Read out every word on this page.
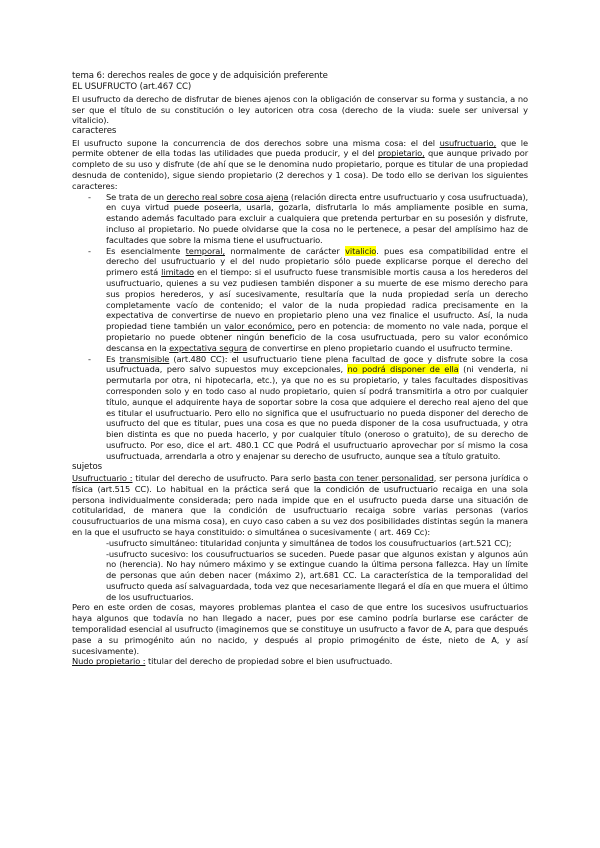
tema 6: derechos reales de goce y de adquisición preferente

EL USUFRUCTO (art.467 CC)

El usufructo da derecho de disfrutar de bienes ajenos con la obligación de conservar su forma y sustancia, a no ser que el título de su constitución o ley autoricen otra cosa (derecho de la viuda: suele ser universal y vitalicio).

caracteres

El usufructo supone la concurrencia de dos derechos sobre una misma cosa: el del usufructuario, que le permite obtener de ella todas las utilidades que pueda producir, y el del propietario, que aunque privado por completo de su uso y disfrute (de ahí que se le denomina nudo propietario, porque es titular de una propiedad desnuda de contenido), sigue siendo propietario (2 derechos y 1 cosa). De todo ello se derivan los siguientes caracteres:

- Se trata de un derecho real sobre cosa ajena (relación directa entre usufructuario y cosa usufructuada), en cuya virtud puede poseerla, usarla, gozarla, disfrutarla lo más ampliamente posible en suma, estando además facultado para excluir a cualquiera que pretenda perturbar en su posesión y disfrute, incluso al propietario. No puede olvidarse que la cosa no le pertenece, a pesar del amplísimo haz de facultades que sobre la misma tiene el usufructuario.
- Es esencialmente temporal, normalmente de carácter vitalicio. pues esa compatibilidad entre el derecho del usufructuario y el del nudo propietario sólo puede explicarse porque el derecho del primero está limitado en el tiempo: si el usufructo fuese transmisible mortis causa a los herederos del usufructuario, quienes a su vez pudiesen también disponer a su muerte de ese mismo derecho para sus propios herederos, y así sucesivamente, resultaría que la nuda propiedad sería un derecho completamente vacío de contenido; el valor de la nuda propiedad radica precisamente en la expectativa de convertirse de nuevo en propietario pleno una vez finalice el usufructo. Así, la nuda propiedad tiene también un valor económico, pero en potencia: de momento no vale nada, porque el propietario no puede obtener ningún beneficio de la cosa usufructuada, pero su valor económico descansa en la expectativa segura de convertirse en pleno propietario cuando el usufructo termine.
- Es transmisible (art.480 CC): el usufructuario tiene plena facultad de goce y disfrute sobre la cosa usufructuada, pero salvo supuestos muy excepcionales, no podrá disponer de ella (ni venderla, ni permutarla por otra, ni hipotecarla, etc.), ya que no es su propietario, y tales facultades dispositivas corresponden solo y en todo caso al nudo propietario, quien sí podrá transmitirla a otro por cualquier título, aunque el adquirente haya de soportar sobre la cosa que adquiere el derecho real ajeno del que es titular el usufructuario. Pero ello no significa que el usufructuario no pueda disponer del derecho de usufructo del que es titular, pues una cosa es que no pueda disponer de la cosa usufructuada, y otra bien distinta es que no pueda hacerlo, y por cualquier título (oneroso o gratuito), de su derecho de usufructo. Por eso, dice el art. 480.1 CC que Podrá el usufructuario aprovechar por sí mismo la cosa usufructuada, arrendarla a otro y enajenar su derecho de usufructo, aunque sea a título gratuito.

sujetos

Usufructuario : titular del derecho de usufructo. Para serlo basta con tener personalidad, ser persona jurídica o física (art.515 CC). Lo habitual en la práctica será que la condición de usufructuario recaiga en una sola persona individualmente considerada; pero nada impide que en el usufructo pueda darse una situación de cotitularidad, de manera que la condición de usufructuario recaiga sobre varias personas (varios cousufructuarios de una misma cosa), en cuyo caso caben a su vez dos posibilidades distintas según la manera en la que el usufructo se haya constituido: o simultánea o sucesivamente ( art. 469 Cc):

-usufructo simultáneo: titularidad conjunta y simultánea de todos los cousufructuarios (art.521 CC);

-usufructo sucesivo: los cousufructuarios se suceden. Puede pasar que algunos existan y algunos aún no (herencia). No hay número máximo y se extingue cuando la última persona fallezca. Hay un límite de personas que aún deben nacer (máximo 2), art.681 CC. La característica de la temporalidad del usufructo queda así salvaguardada, toda vez que necesariamente llegará el día en que muera el último de los usufructuarios.

Pero en este orden de cosas, mayores problemas plantea el caso de que entre los sucesivos usufructuarios haya algunos que todavía no han llegado a nacer, pues por ese camino podría burlarse ese carácter de temporalidad esencial al usufructo (imaginemos que se constituye un usufructo a favor de A, para que después pase a su primogénito aún no nacido, y después al propio primogénito de éste, nieto de A, y así sucesivamente).

Nudo propietario : titular del derecho de propiedad sobre el bien usufructuado.
